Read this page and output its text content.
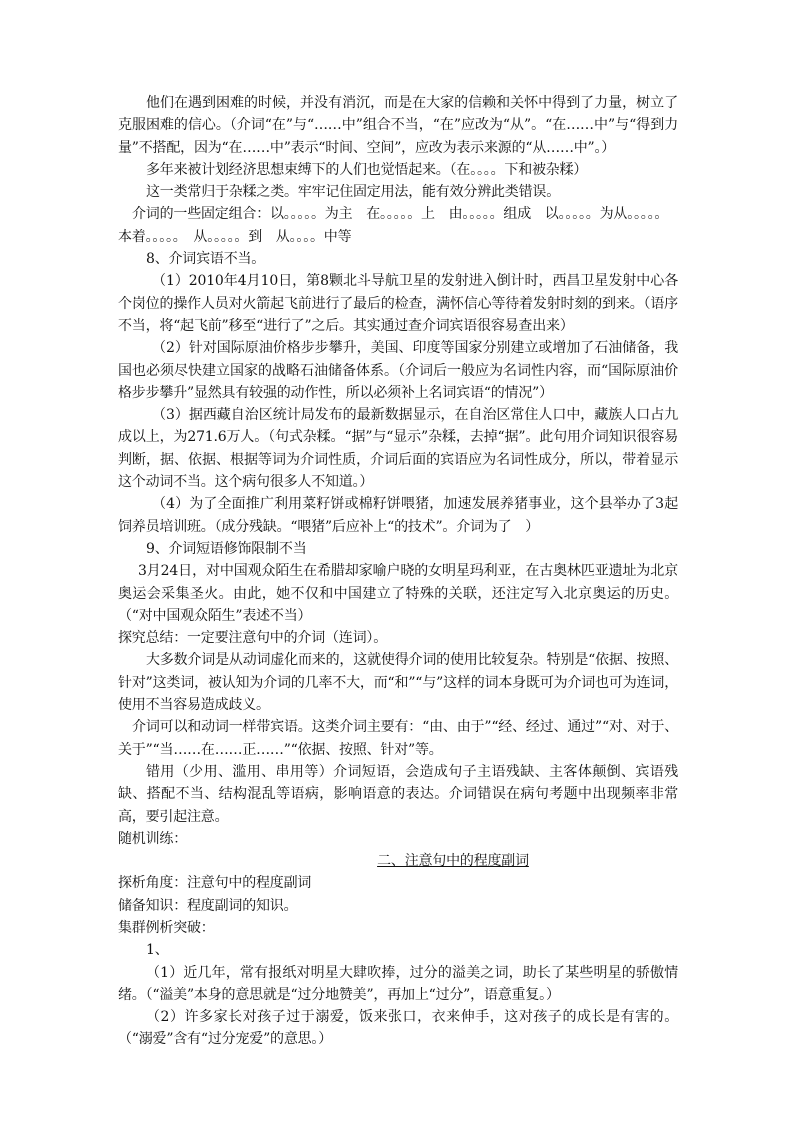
他们在遇到困难的时候，并没有消沉，而是在大家的信赖和关怀中得到了力量，树立了克服困难的信心。（介词“在”与“……中”组合不当，“在”应改为“从”。“在……中”与“得到力量”不搭配，因为“在……中”表示“时间、空间”，应改为表示来源的“从……中”。）

多年来被计划经济思想束缚下的人们也觉悟起来。（在。。。。下和被杂糅）

这一类常归于杂糅之类。牢牢记住固定用法，能有效分辨此类错误。

介词的一些固定组合：以。。。。。为主　在。。。。。上　由。。。。。组成　以。。。。。为从。。。。。

本着。。。。。　从。。。。。到　从。。。。中等

8、介词宾语不当。

（1）2010年4月10日，第8颗北斗导航卫星的发射进入倒计时，西昌卫星发射中心各个岗位的操作人员对火箭起飞前进行了最后的检查，满怀信心等待着发射时刻的到来。（语序不当，将“起飞前”移至“进行了”之后。其实通过查介词宾语很容易查出来）

（2）针对国际原油价格步步攀升，美国、印度等国家分别建立或增加了石油储备，我国也必须尽快建立国家的战略石油储备体系。（介词后一般应为名词性内容，而“国际原油价格步步攀升”显然具有较强的动作性，所以必须补上名词宾语“的情况”）

（3）据西藏自治区统计局发布的最新数据显示，在自治区常住人口中，藏族人口占九成以上，为271.6万人。（句式杂糅。“据”与“显示”杂糅，去掉“据”。此句用介词知识很容易判断，据、依据、根据等词为介词性质，介词后面的宾语应为名词性成分，所以，带着显示这个动词不当。这个病句很多人不知道。）

（4）为了全面推广利用菜籽饼或棉籽饼喂猪，加速发展养猪事业，这个县举办了3起饲养员培训班。（成分残缺。“喂猪”后应补上“的技术”。介词为了　）

9、介词短语修饰限制不当

3月24日，对中国观众陌生在希腊却家喻户晓的女明星玛利亚，在古奥林匹亚遗址为北京奥运会采集圣火。由此，她不仅和中国建立了特殊的关联，还注定写入北京奥运的历史。（“对中国观众陌生”表述不当）

探究总结：一定要注意句中的介词（连词）。

大多数介词是从动词虚化而来的，这就使得介词的使用比较复杂。特别是“依据、按照、针对”这类词，被认知为介词的几率不大，而“和”“与”这样的词本身既可为介词也可为连词，使用不当容易造成歧义。

介词可以和动词一样带宾语。这类介词主要有：“由、由于”“经、经过、通过”“对、对于、关于”“当……在……正……”“依据、按照、针对”等。

错用（少用、滥用、串用等）介词短语，会造成句子主语残缺、主客体颠倒、宾语残缺、搭配不当、结构混乱等语病，影响语意的表达。介词错误在病句考题中出现频率非常高，要引起注意。

随机训练：

二、注意句中的程度副词

探析角度：注意句中的程度副词

储备知识：程度副词的知识。

集群例析突破：

1、

（1）近几年，常有报纸对明星大肆吹捧，过分的溢美之词，助长了某些明星的骄傲情绪。（“溢美”本身的意思就是“过分地赞美”，再加上“过分”，语意重复。）

（2）许多家长对孩子过于溺爱，饭来张口，衣来伸手，这对孩子的成长是有害的。（“溺爱”含有“过分宠爱”的意思。）
